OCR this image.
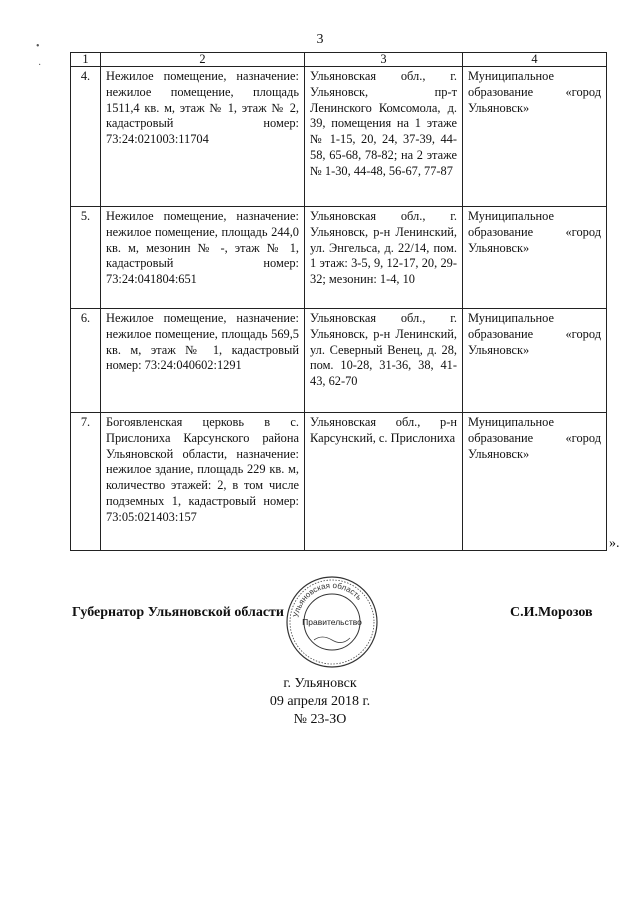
3
•
·	1	2	3	4
4.	Нежилое помещение, назначение: нежилое помещение, площадь 1511,4 кв. м, этаж № 1, этаж № 2, кадастровый номер: 73:24:021003:11704	Ульяновская обл., г. Ульяновск, пр-т Ленинского Комсомола, д. 39, помещения на 1 этаже № 1-15, 20, 24, 37-39, 44-58, 65-68, 78-82; на 2 этаже № 1-30, 44-48, 56-67, 77-87	Муниципальное образование «город Ульяновск»
5.	Нежилое помещение, назначение: нежилое помещение, площадь 244,0 кв. м, мезонин № -, этаж № 1, кадастровый номер: 73:24:041804:651	Ульяновская обл., г. Ульяновск, р-н Ленинский, ул. Энгельса, д. 22/14, пом. 1 этаж: 3-5, 9, 12-17, 20, 29-32; мезонин: 1-4, 10	Муниципальное образование «город Ульяновск»
6.	Нежилое помещение, назначение: нежилое помещение, площадь 569,5 кв. м, этаж № 1, кадастровый номер: 73:24:040602:1291	Ульяновская обл., г. Ульяновск, р-н Ленинский, ул. Северный Венец, д. 28, пом. 10-28, 31-36, 38, 41-43, 62-70	Муниципальное образование «город Ульяновск»
7.	Богоявленская церковь в с. Прислониха Карсунского района Ульяновской области, назначение: нежилое здание, площадь 229 кв. м, количество этажей: 2, в том числе подземных 1, кадастровый номер: 73:05:021403:157	Ульяновская обл., р-н Карсунский, с. Прислониха	Муниципальное образование «город Ульяновск»
».
Губернатор Ульяновской области	С.И.Морозов
Ульяновская область
Правительство
г. Ульяновск
09 апреля 2018 г.
№ 23-ЗО
